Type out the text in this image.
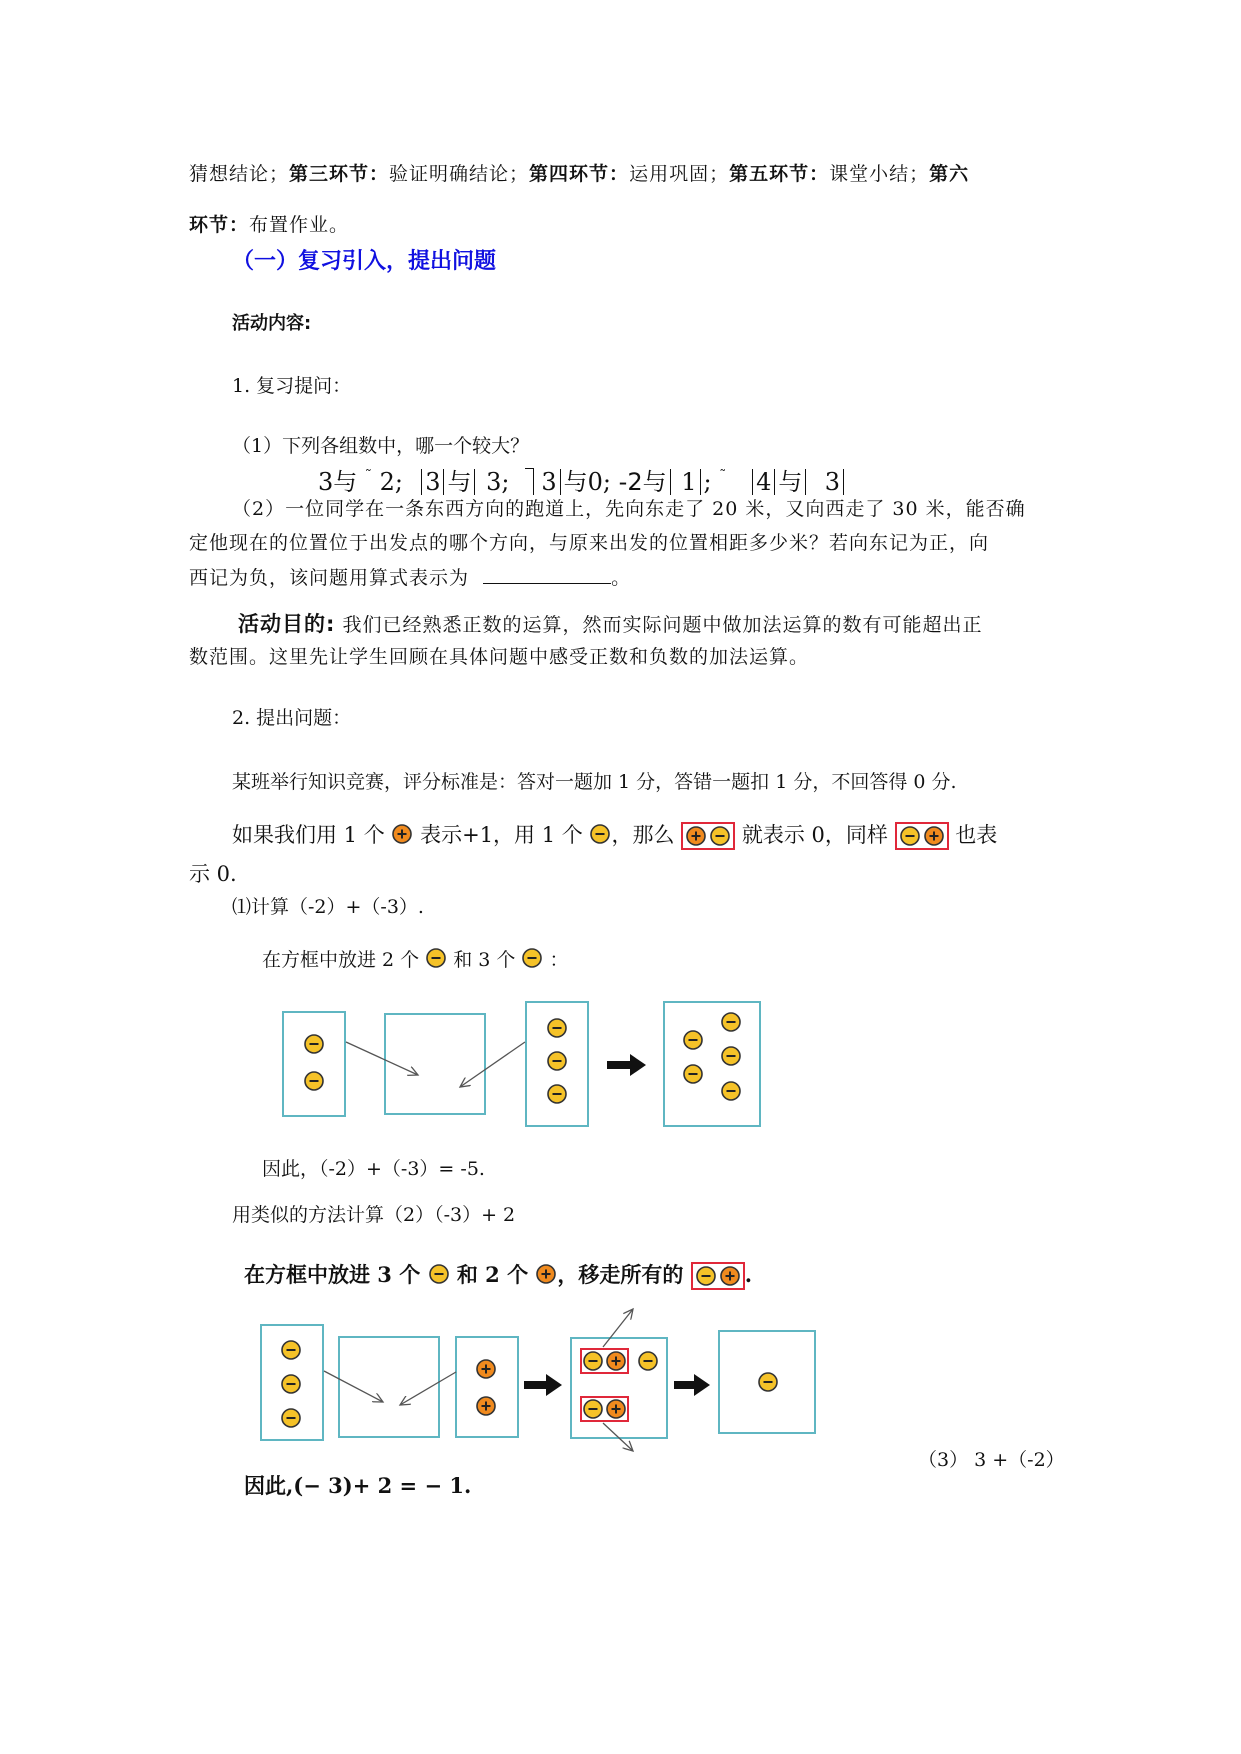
猜想结论；第三环节：验证明确结论；第四环节：运用巩固；第五环节：课堂小结；第六
环节：布置作业。
（一）复习引入，提出问题
活动内容:
1. 复习提问：
（1）下列各组数中，哪一个较大？
3与 ˜ 2; 3 与 3; 3 与0; -2与 1 ; ˜ 4 与 3
（2）一位同学在一条东西方向的跑道上，先向东走了 20 米，又向西走了 30 米，能否确
定他现在的位置位于出发点的哪个方向，与原来出发的位置相距多少米？若向东记为正，向
西记为负，该问题用算式表示为	。
活动目的: 我们已经熟悉正数的运算，然而实际问题中做加法运算的数有可能超出正
数范围。这里先让学生回顾在具体问题中感受正数和负数的加法运算。
2. 提出问题：
某班举行知识竞赛，评分标准是：答对一题加 1 分，答错一题扣 1 分，不回答得 0 分.
如果我们用 1 个 表示+1，用 1 个 ，那么	就表示 0，同样	也表
示 0.
⑴计算（-2）+（-3）.
在方框中放进 2 个 和 3 个 ：
因此，（-2）+（-3）= -5.
用类似的方法计算（2）（-3）+ 2
在方框中放进 3 个 和 2 个 ，移走所有的	.
（3） 3 +（-2）
因此,(− 3)+ 2 = − 1.
